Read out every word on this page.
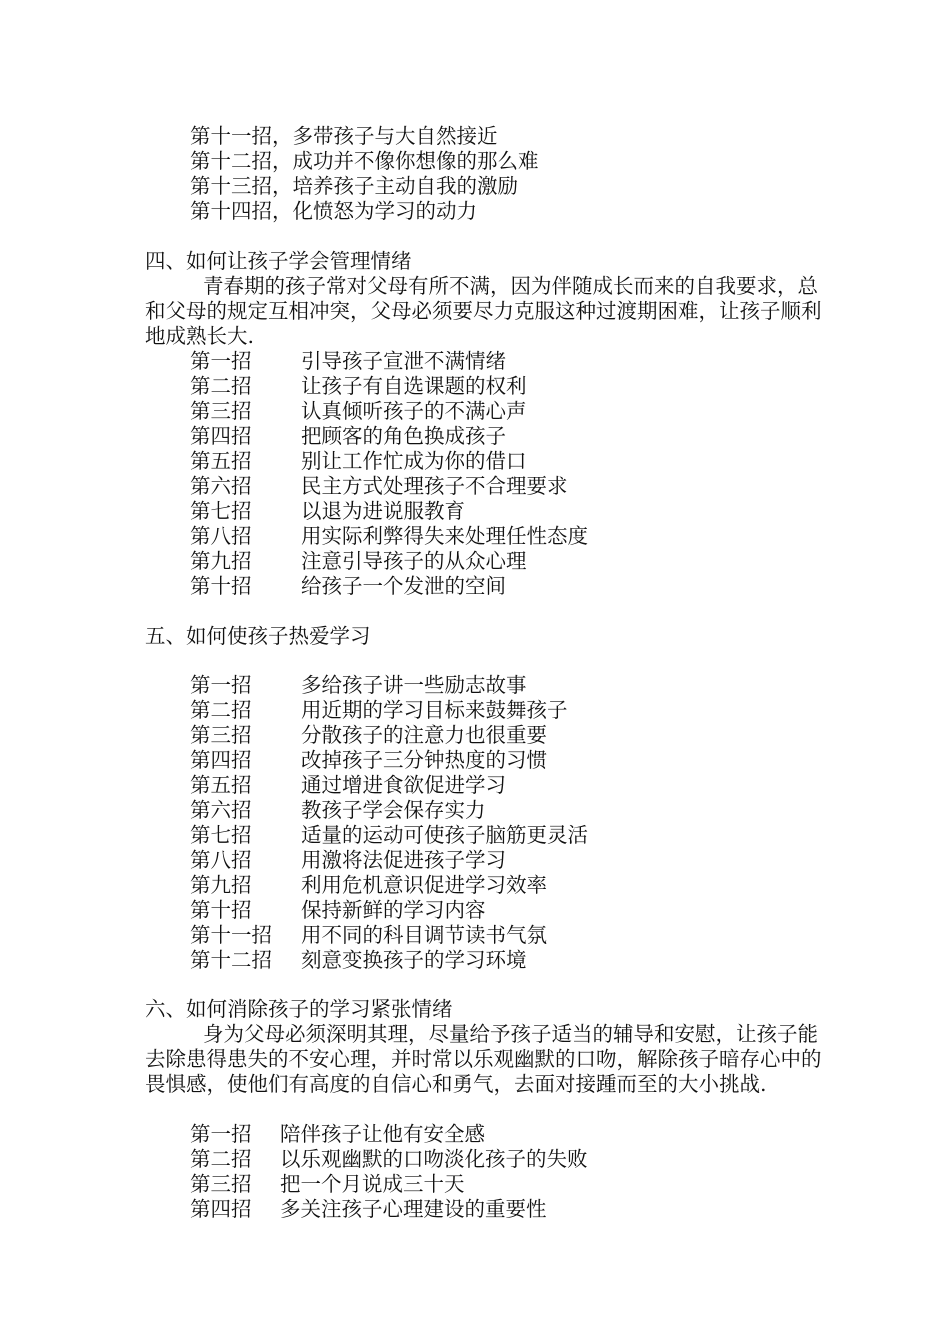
第十一招，多带孩子与大自然接近
第十二招，成功并不像你想像的那么难
第十三招，培养孩子主动自我的激励
第十四招，化愤怒为学习的动力
四、如何让孩子学会管理情绪
青春期的孩子常对父母有所不满，因为伴随成长而来的自我要求，总和父母的规定互相冲突，父母必须要尽力克服这种过渡期困难，让孩子顺利地成熟长大.
第一招 引导孩子宣泄不满情绪
第二招 让孩子有自选课题的权利
第三招 认真倾听孩子的不满心声
第四招 把顾客的角色换成孩子
第五招 别让工作忙成为你的借口
第六招 民主方式处理孩子不合理要求
第七招 以退为进说服教育
第八招 用实际利弊得失来处理任性态度
第九招 注意引导孩子的从众心理
第十招 给孩子一个发泄的空间
五、如何使孩子热爱学习
第一招 多给孩子讲一些励志故事
第二招 用近期的学习目标来鼓舞孩子
第三招 分散孩子的注意力也很重要
第四招 改掉孩子三分钟热度的习惯
第五招 通过增进食欲促进学习
第六招 教孩子学会保存实力
第七招 适量的运动可使孩子脑筋更灵活
第八招 用激将法促进孩子学习
第九招 利用危机意识促进学习效率
第十招 保持新鲜的学习内容
第十一招 用不同的科目调节读书气氛
第十二招 刻意变换孩子的学习环境
六、如何消除孩子的学习紧张情绪
身为父母必须深明其理，尽量给予孩子适当的辅导和安慰，让孩子能去除患得患失的不安心理，并时常以乐观幽默的口吻，解除孩子暗存心中的畏惧感，使他们有高度的自信心和勇气，去面对接踵而至的大小挑战.
第一招 陪伴孩子让他有安全感
第二招 以乐观幽默的口吻淡化孩子的失败
第三招 把一个月说成三十天
第四招 多关注孩子心理建设的重要性
